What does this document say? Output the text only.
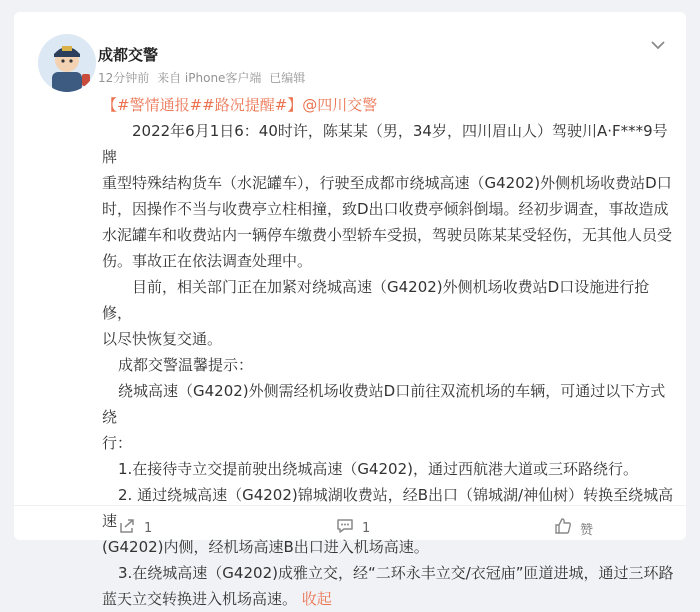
成都交警
12分钟前 来自 iPhone客户端 已编辑

【#警情通报##路况提醒#】@四川交警

2022年6月1日6：40时许，陈某某（男，34岁，四川眉山人）驾驶川A·F***9号牌

重型特殊结构货车（水泥罐车），行驶至成都市绕城高速（G4202)外侧机场收费站D口

时，因操作不当与收费亭立柱相撞，致D出口收费亭倾斜倒塌。经初步调查，事故造成

水泥罐车和收费站内一辆停车缴费小型轿车受损，驾驶员陈某某受轻伤，无其他人员受

伤。事故正在依法调查处理中。

目前，相关部门正在加紧对绕城高速（G4202)外侧机场收费站D口设施进行抢修，

以尽快恢复交通。

成都交警温馨提示：

绕城高速（G4202)外侧需经机场收费站D口前往双流机场的车辆，可通过以下方式绕

行：

1.在接待寺立交提前驶出绕城高速（G4202)，通过西航港大道或三环路绕行。

2. 通过绕城高速（G4202)锦城湖收费站，经B出口（锦城湖/神仙树）转换至绕城高速

(G4202)内侧，经机场高速B出口进入机场高速。

3.在绕城高速（G4202)成雅立交，经“二环永丰立交/衣冠庙”匝道进城，通过三环路

蓝天立交转换进入机场高速。 收起

1	1	赞
